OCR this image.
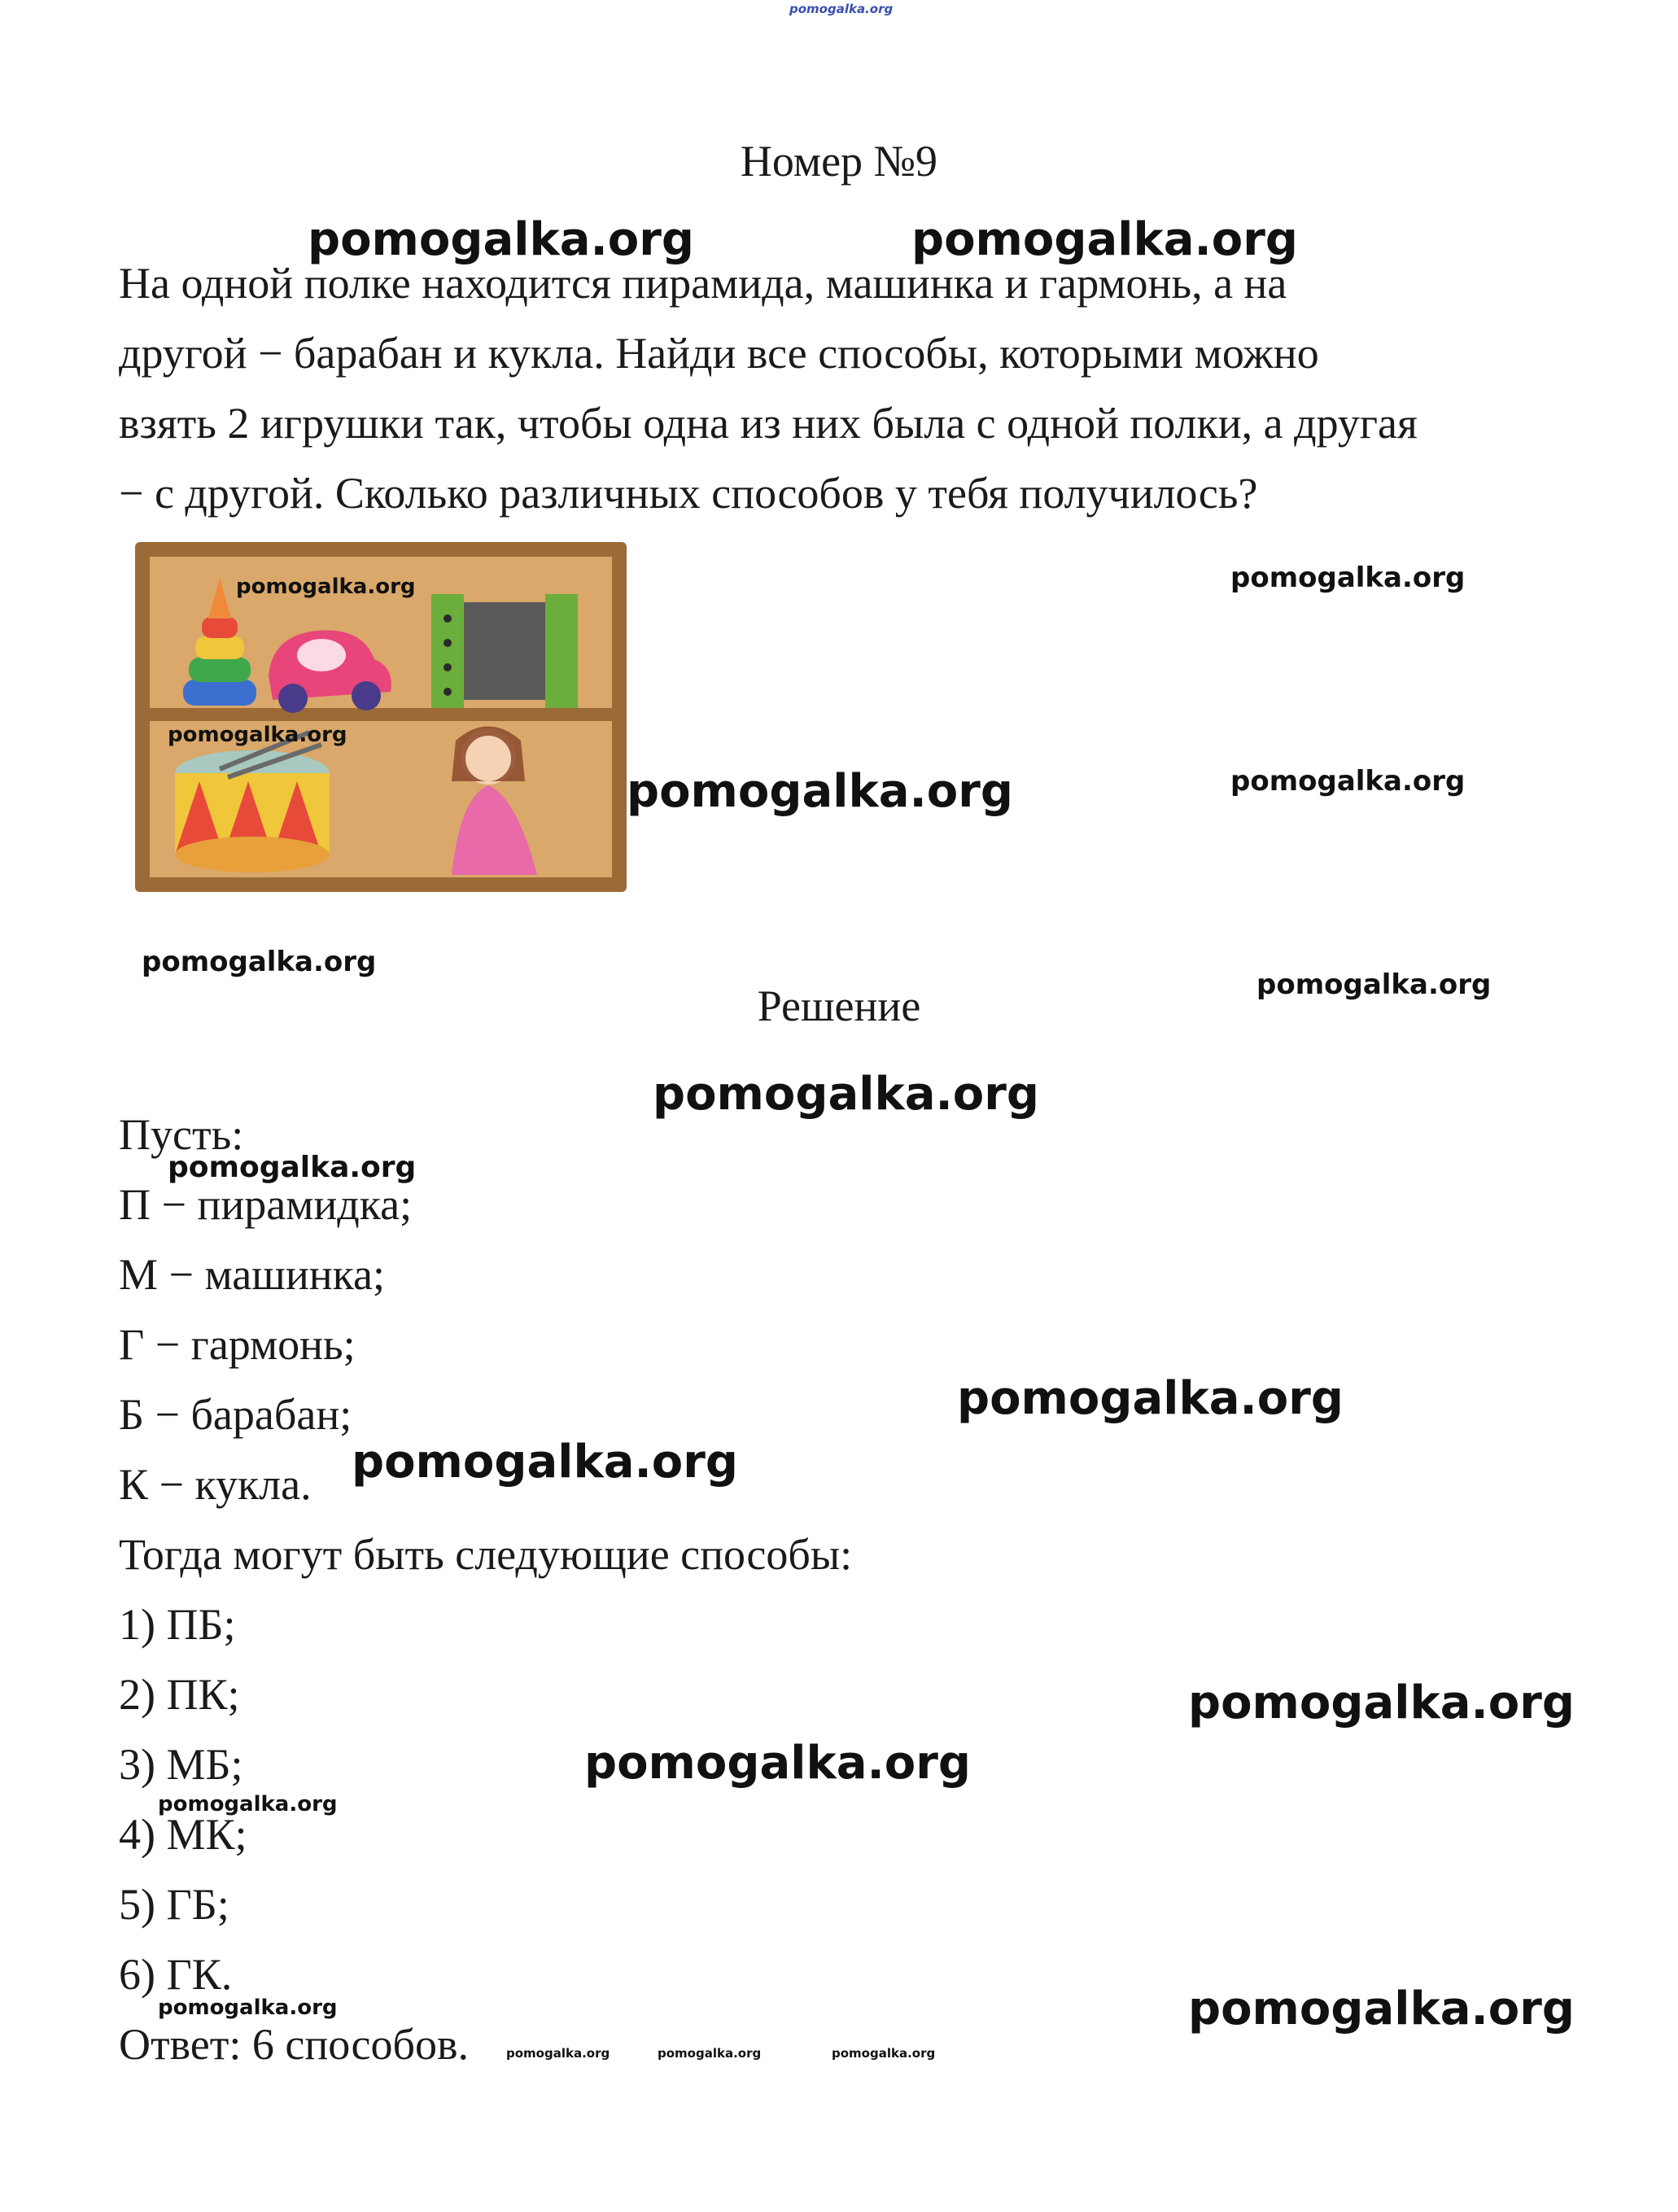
pomogalka.org
Номер №9
На одной полке находится пирамида, машинка и гармонь, а на
другой − барабан и кукла. Найди все способы, которыми можно
взять 2 игрушки так, чтобы одна из них была с одной полки, а другая
− с другой. Сколько различных способов у тебя получилось?
Решение
Пусть:
П − пирамидка;
М − машинка;
Г − гармонь;
Б − барабан;
К − кукла.
Тогда могут быть следующие способы:
1) ПБ;
2) ПК;
3) МБ;
4) МК;
5) ГБ;
6) ГК.
Ответ: 6 способов.
pomogalka.org	pomogalka.org
pomogalka.org
pomogalka.org
pomogalka.org
pomogalka.org	pomogalka.org
pomogalka.org
pomogalka.org
pomogalka.org
pomogalka.org
pomogalka.org
pomogalka.org
pomogalka.org
pomogalka.org
pomogalka.org
pomogalka.org
pomogalka.org
pomogalka.org	pomogalka.org	pomogalka.org
